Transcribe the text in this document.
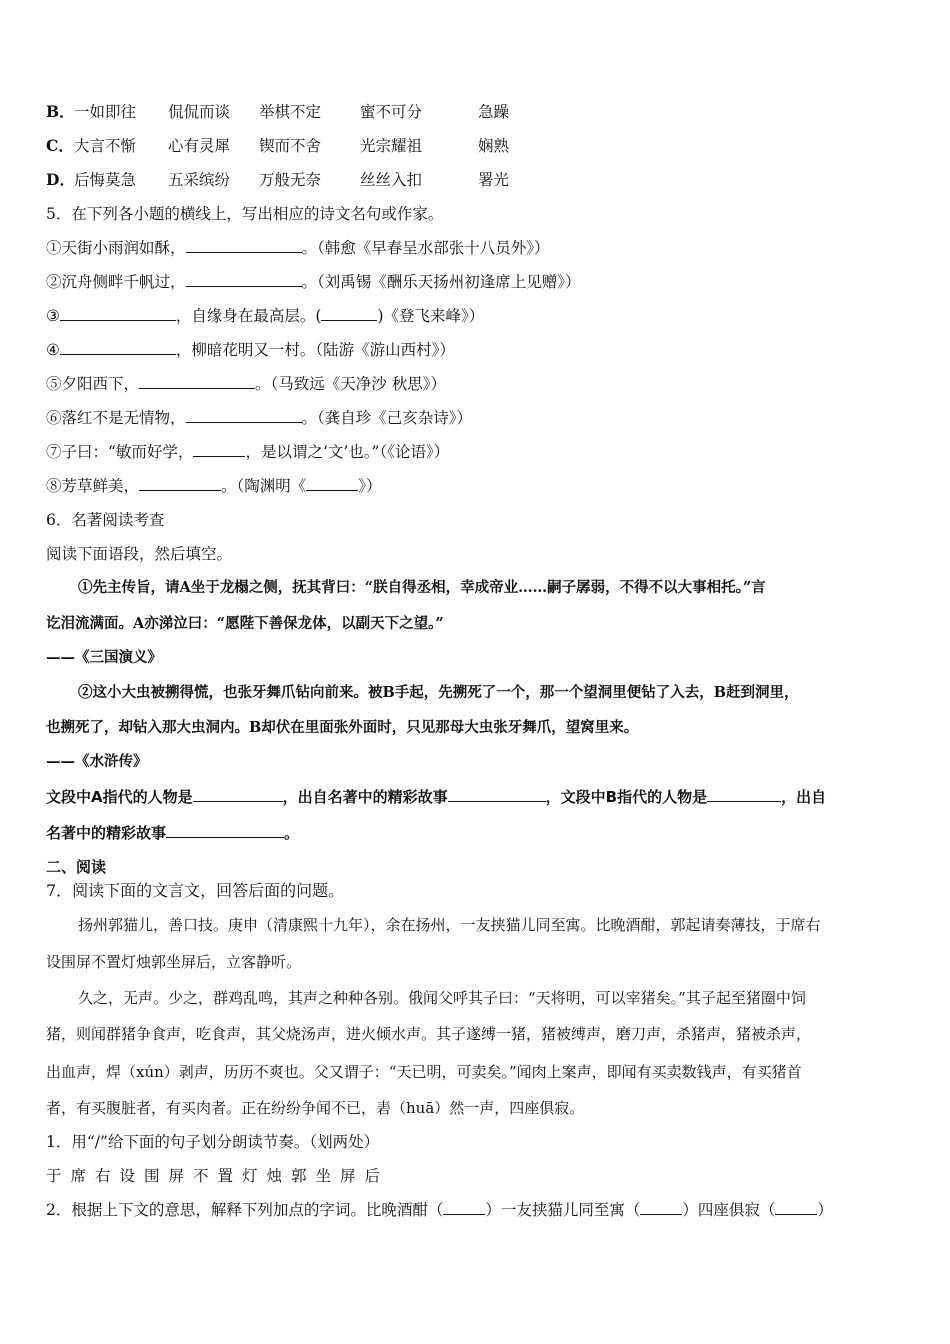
B．一如即往 侃侃而谈 举棋不定	蜜不可分	急躁
C．大言不惭 心有灵犀 锲而不舍	光宗耀祖	娴熟
D．后悔莫急 五采缤纷 万般无奈	丝丝入扣	署光
5．在下列各小题的横线上，写出相应的诗文名句或作家。
①天街小雨润如酥，	。（韩愈《早春呈水部张十八员外》）
②沉舟侧畔千帆过，	。（刘禹锡《酬乐天扬州初逢席上见赠》）
③	，自缘身在最高层。(	)《登飞来峰》）
④	，柳暗花明又一村。（陆游《游山西村》）
⑤夕阳西下，	。（马致远《天净沙 秋思》）
⑥落红不是无情物，	。（龚自珍《己亥杂诗》）
⑦子曰：“敏而好学，	，是以谓之‘文’也。”（《论语》）
⑧芳草鲜美，	。（陶渊明《	》）
6．名著阅读考查
阅读下面语段，然后填空。
①先主传旨，请A坐于龙榻之侧，抚其背曰：“朕自得丞相，幸成帝业……嗣子孱弱，不得不以大事相托。”言
讫泪流满面。A亦涕泣曰：“愿陛下善保龙体，以副天下之望。”
——《三国演义》
②这小大虫被搠得慌，也张牙舞爪钻向前来。被B手起，先搠死了一个，那一个望洞里便钻了入去，B赶到洞里，
也搠死了，却钻入那大虫洞内。B却伏在里面张外面时，只见那母大虫张牙舞爪，望窝里来。
——《水浒传》
文段中A指代的人物是	，出自名著中的精彩故事	，文段中B指代的人物是	，出自
名著中的精彩故事	。
二、阅读
7．阅读下面的文言文，回答后面的问题。
扬州郭猫儿，善口技。庚申（清康熙十九年），余在扬州，一友挟猫儿同至寓。比晚酒酣，郭起请奏薄技，于席右
设围屏不置灯烛郭坐屏后，立客静听。
久之，无声。少之，群鸡乱鸣，其声之种种各别。俄闻父呼其子曰：“天将明，可以宰猪矣。”其子起至猪圈中饲
猪，则闻群猪争食声，吃食声，其父烧汤声，进火倾水声。其子遂缚一猪，猪被缚声，磨刀声，杀猪声，猪被杀声，
出血声，焊（xún）剥声，历历不爽也。父又谓子：“天已明，可卖矣。”闻肉上案声，即闻有买卖数钱声，有买猪首
者，有买腹脏者，有买肉者。正在纷纷争闻不已，砉（huā）然一声，四座俱寂。
1．用“/”给下面的句子划分朗读节奏。（划两处）
于席右设围屏不置灯烛郭坐屏后
2．根据上下文的意思，解释下列加点的字词。比晚酒酣（	）一友挟猫儿同至寓（	）四座俱寂（	）
